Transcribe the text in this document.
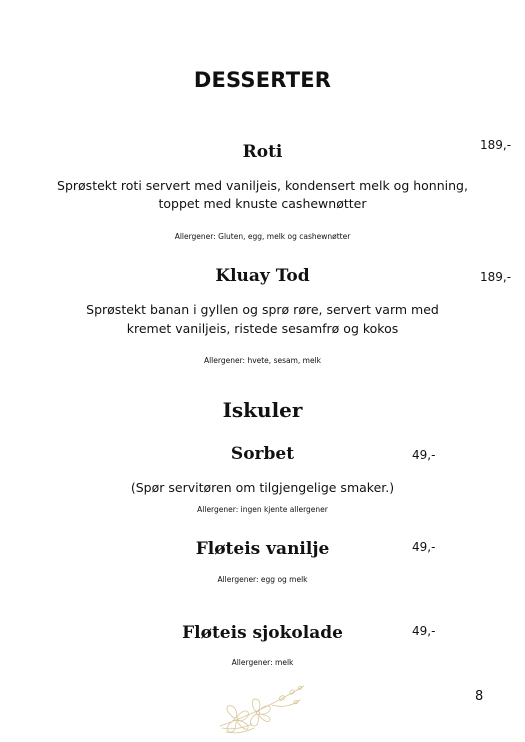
DESSERTER
Roti	189,-
Sprøstekt roti servert med vaniljeis, kondensert melk og honning,
toppet med knuste cashewnøtter
Allergener: Gluten, egg, melk og cashewnøtter
Kluay Tod	189,-
Sprøstekt banan i gyllen og sprø røre, servert varm med
kremet vaniljeis, ristede sesamfrø og kokos
Allergener: hvete, sesam, melk
Iskuler
Sorbet	49,-
(Spør servitøren om tilgjengelige smaker.)
Allergener: ingen kjente allergener
Fløteis vanilje	49,-
Allergener: egg og melk
Fløteis sjokolade	49,-
Allergener: melk
8
